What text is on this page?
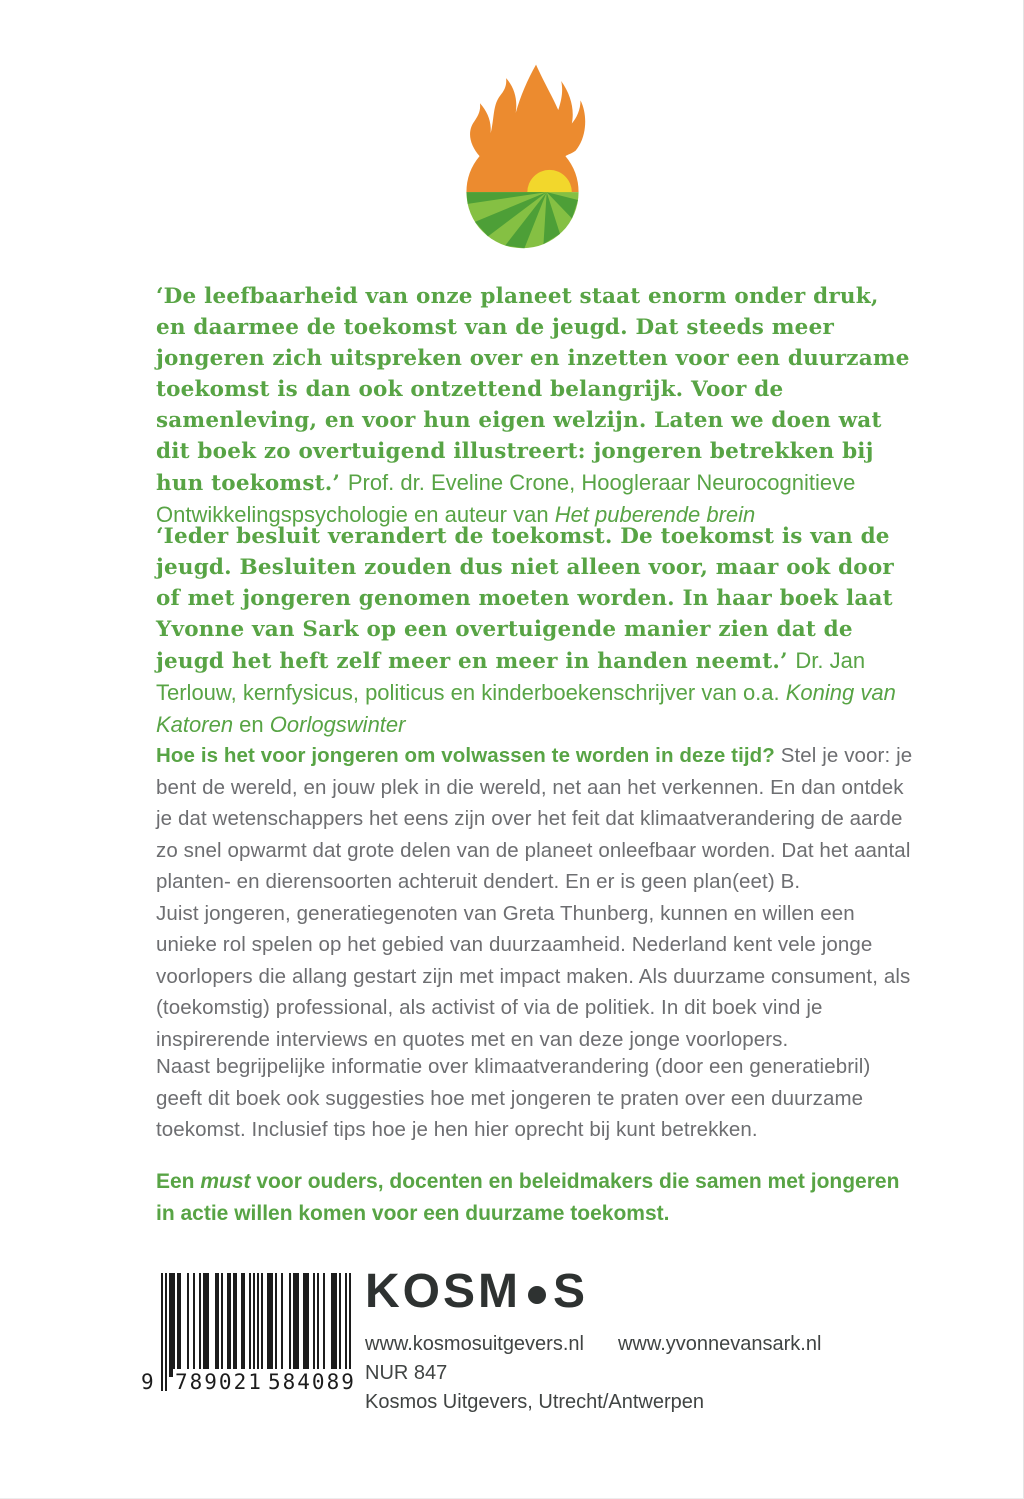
‘De leefbaarheid van onze planeet staat enorm onder druk, en daarmee de toekomst van de jeugd. Dat steeds meer jongeren zich uitspreken over en inzetten voor een duurzame toekomst is dan ook ontzettend belangrijk. Voor de samenleving, en voor hun eigen welzijn. Laten we doen wat dit boek zo overtuigend illustreert: jongeren betrekken bij hun toekomst.’ Prof. dr. Eveline Crone, Hoogleraar Neurocognitieve Ontwikkelingspsychologie en auteur van Het puberende brein

‘Ieder besluit verandert de toekomst. De toekomst is van de jeugd. Besluiten zouden dus niet alleen voor, maar ook door of met jongeren genomen moeten worden. In haar boek laat Yvonne van Sark op een overtuigende manier zien dat de jeugd het heft zelf meer en meer in handen neemt.’ Dr. Jan Terlouw, kernfysicus, politicus en kinderboekenschrijver van o.a. Koning van Katoren en Oorlogswinter

Hoe is het voor jongeren om volwassen te worden in deze tijd? Stel je voor: je bent de wereld, en jouw plek in die wereld, net aan het verkennen. En dan ontdek je dat wetenschappers het eens zijn over het feit dat klimaatverandering de aarde zo snel opwarmt dat grote delen van de planeet onleefbaar worden. Dat het aantal planten- en dierensoorten achteruit dendert. En er is geen plan(eet) B.
Juist jongeren, generatiegenoten van Greta Thunberg, kunnen en willen een unieke rol spelen op het gebied van duurzaamheid. Nederland kent vele jonge voorlopers die allang gestart zijn met impact maken. Als duurzame consument, als (toekomstig) professional, als activist of via de politiek. In dit boek vind je inspirerende interviews en quotes met en van deze jonge voorlopers.

Naast begrijpelijke informatie over klimaatverandering (door een generatiebril) geeft dit boek ook suggesties hoe met jongeren te praten over een duurzame toekomst. Inclusief tips hoe je hen hier oprecht bij kunt betrekken.

Een must voor ouders, docenten en beleidmakers die samen met jongeren in actie willen komen voor een duurzame toekomst.

9 789021 584089
KOSM S
www.kosmosuitgevers.nl www.yvonnevansark.nl
NUR 847
Kosmos Uitgevers, Utrecht/Antwerpen
